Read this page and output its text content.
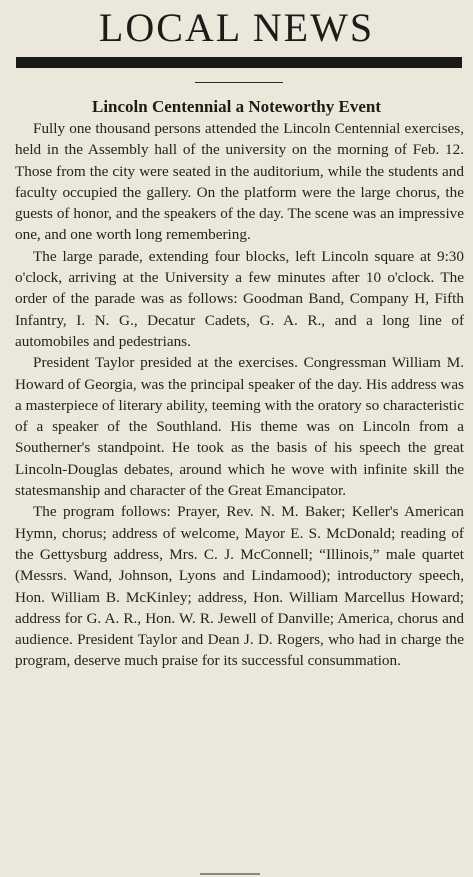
LOCAL NEWS
Lincoln Centennial a Noteworthy Event

Fully one thousand persons attended the Lincoln Centennial exercises, held in the Assembly hall of the university on the morning of Feb. 12. Those from the city were seated in the auditorium, while the students and faculty occupied the gallery. On the platform were the large chorus, the guests of honor, and the speakers of the day. The scene was an impressive one, and one worth long remembering.

The large parade, extending four blocks, left Lincoln square at 9:30 o'clock, arriving at the University a few minutes after 10 o'clock. The order of the parade was as follows: Goodman Band, Company H, Fifth Infantry, I. N. G., Decatur Cadets, G. A. R., and a long line of automobiles and pedestrians.

President Taylor presided at the exercises. Congressman William M. Howard of Georgia, was the principal speaker of the day. His address was a masterpiece of literary ability, teeming with the oratory so characteristic of a speaker of the Southland. His theme was on Lincoln from a Southerner's standpoint. He took as the basis of his speech the great Lincoln-Douglas debates, around which he wove with infinite skill the statesmanship and character of the Great Emancipator.

The program follows: Prayer, Rev. N. M. Baker; Keller's American Hymn, chorus; address of welcome, Mayor E. S. McDonald; reading of the Gettysburg address, Mrs. C. J. McConnell; “Illinois,” male quartet (Messrs. Wand, Johnson, Lyons and Lindamood); introductory speech, Hon. William B. McKinley; address, Hon. William Marcellus Howard; address for G. A. R., Hon. W. R. Jewell of Danville; America, chorus and audience. President Taylor and Dean J. D. Rogers, who had in charge the program, deserve much praise for its successful consummation.
